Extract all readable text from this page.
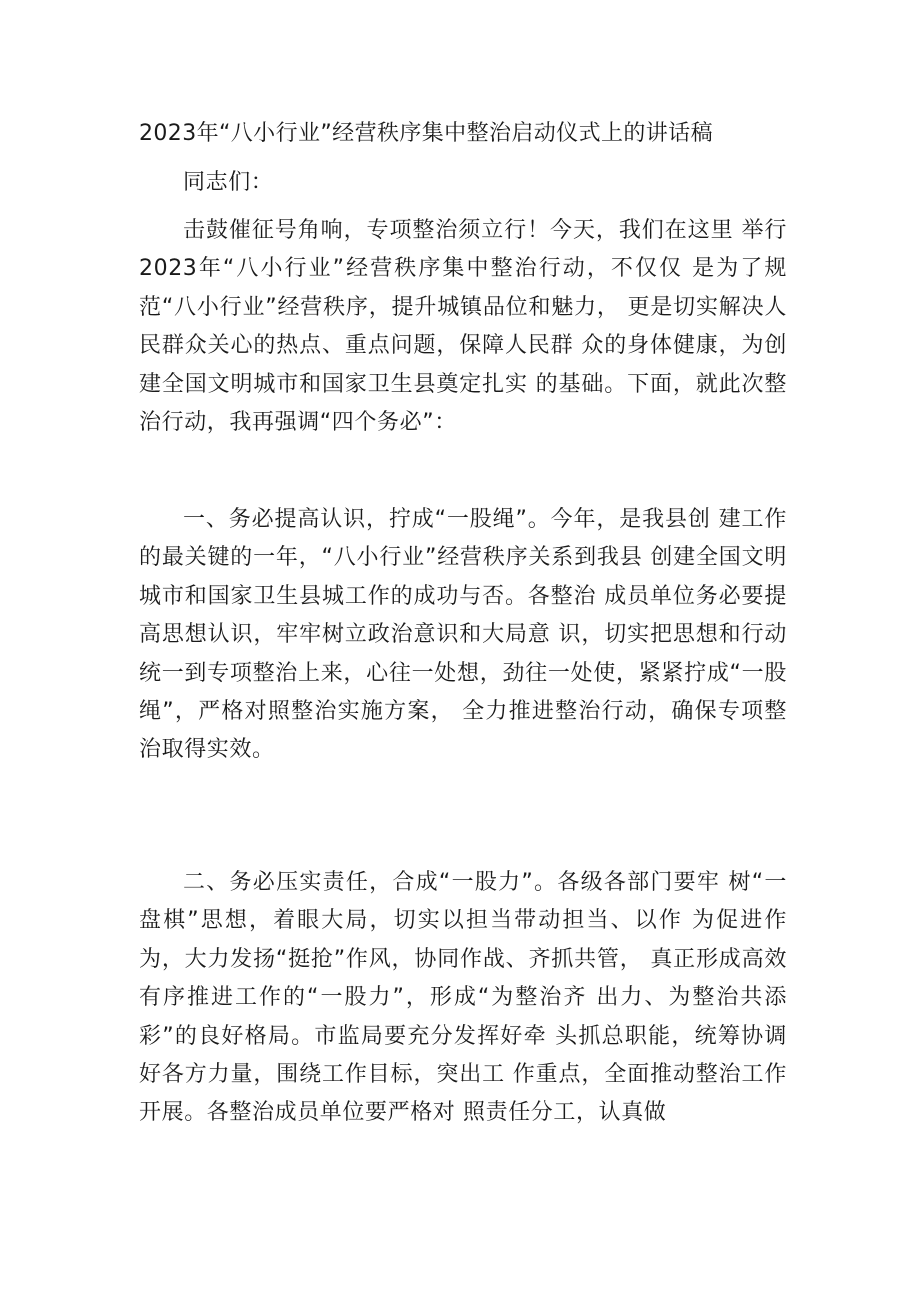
2023年“八小行业”经营秩序集中整治启动仪式上的讲话稿

同志们：

击鼓催征号角响，专项整治须立行！今天，我们在这里 举行2023年“八小行业”经营秩序集中整治行动，不仅仅 是为了规范“八小行业”经营秩序，提升城镇品位和魅力， 更是切实解决人民群众关心的热点、重点问题，保障人民群 众的身体健康，为创建全国文明城市和国家卫生县奠定扎实 的基础。下面，就此次整治行动，我再强调“四个务必”：

一、务必提高认识，拧成“一股绳”。今年，是我县创 建工作的最关键的一年，“八小行业”经营秩序关系到我县 创建全国文明城市和国家卫生县城工作的成功与否。各整治 成员单位务必要提高思想认识，牢牢树立政治意识和大局意 识，切实把思想和行动统一到专项整治上来，心往一处想，劲往一处使，紧紧拧成“一股绳”，严格对照整治实施方案， 全力推进整治行动，确保专项整治取得实效。

二、务必压实责任，合成“一股力”。各级各部门要牢 树“一盘棋”思想，着眼大局，切实以担当带动担当、以作 为促进作为，大力发扬“挺抢”作风，协同作战、齐抓共管， 真正形成高效有序推进工作的“一股力”，形成“为整治齐 出力、为整治共添彩”的良好格局。市监局要充分发挥好牵 头抓总职能，统筹协调好各方力量，围绕工作目标，突出工 作重点，全面推动整治工作开展。各整治成员单位要严格对 照责任分工，认真做
